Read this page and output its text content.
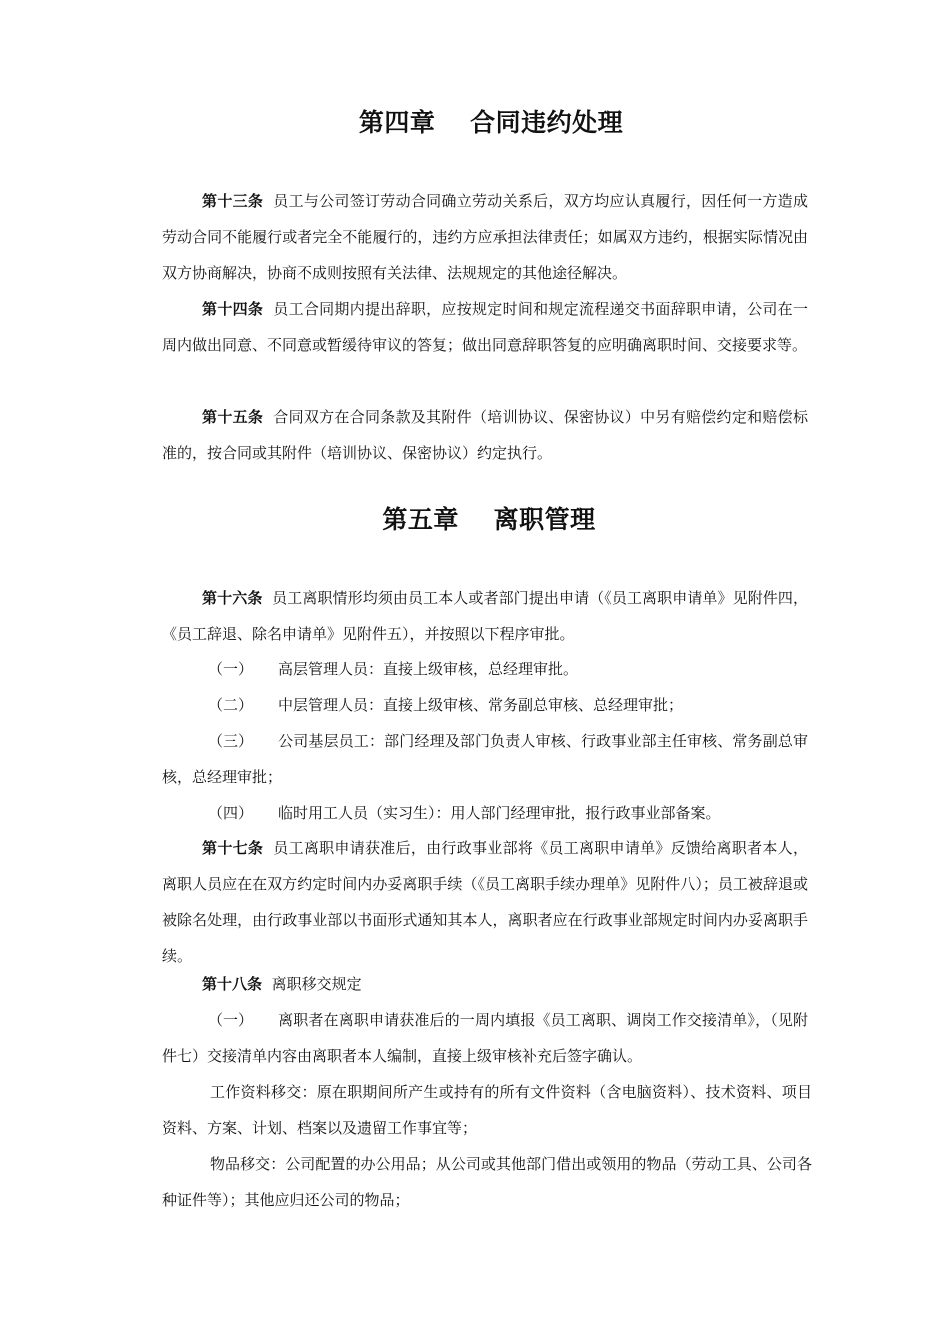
第四章　 合同违约处理
第十三条 员工与公司签订劳动合同确立劳动关系后，双方均应认真履行，因任何一方造成劳动合同不能履行或者完全不能履行的，违约方应承担法律责任；如属双方违约，根据实际情况由双方协商解决，协商不成则按照有关法律、法规规定的其他途径解决。
第十四条 员工合同期内提出辞职，应按规定时间和规定流程递交书面辞职申请，公司在一周内做出同意、不同意或暂缓待审议的答复；做出同意辞职答复的应明确离职时间、交接要求等。
第十五条 合同双方在合同条款及其附件（培训协议、保密协议）中另有赔偿约定和赔偿标准的，按合同或其附件（培训协议、保密协议）约定执行。
第五章　 离职管理
第十六条 员工离职情形均须由员工本人或者部门提出申请（《员工离职申请单》见附件四，《员工辞退、除名申请单》见附件五），并按照以下程序审批。
（一） 高层管理人员：直接上级审核，总经理审批。
（二） 中层管理人员：直接上级审核、常务副总审核、总经理审批；
（三） 公司基层员工：部门经理及部门负责人审核、行政事业部主任审核、常务副总审核，总经理审批；
（四） 临时用工人员（实习生）：用人部门经理审批，报行政事业部备案。
第十七条 员工离职申请获准后，由行政事业部将《员工离职申请单》反馈给离职者本人，离职人员应在在双方约定时间内办妥离职手续（《员工离职手续办理单》见附件八）；员工被辞退或被除名处理，由行政事业部以书面形式通知其本人，离职者应在行政事业部规定时间内办妥离职手续。
第十八条 离职移交规定
（一） 离职者在离职申请获准后的一周内填报《员工离职、调岗工作交接清单》，（见附件七）交接清单内容由离职者本人编制，直接上级审核补充后签字确认。
工作资料移交：原在职期间所产生或持有的所有文件资料（含电脑资料）、技术资料、项目资料、方案、计划、档案以及遗留工作事宜等；
物品移交：公司配置的办公用品；从公司或其他部门借出或领用的物品（劳动工具、公司各种证件等）；其他应归还公司的物品；
